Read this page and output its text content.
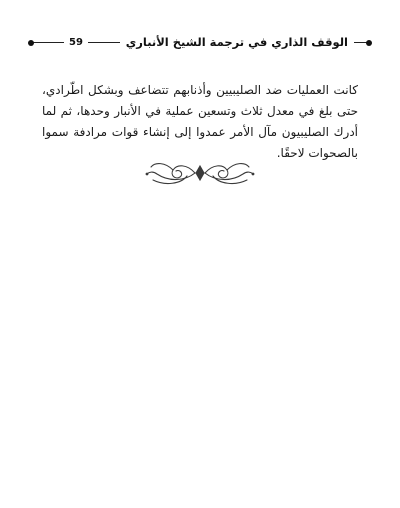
59	الوقف الذاري في ترجمة الشيخ الأنباري

كانت العمليات ضد الصليبيين وأذنابهم تتضاعف وبشكل اطّرادي، حتى بلغ في معدل ثلاث وتسعين عملية في الأنبار وحدها، ثم لما أدرك الصليبيون مآل الأمر عمدوا إلى إنشاء قوات مرادفة سموا بالصحوات لاحقًا.
